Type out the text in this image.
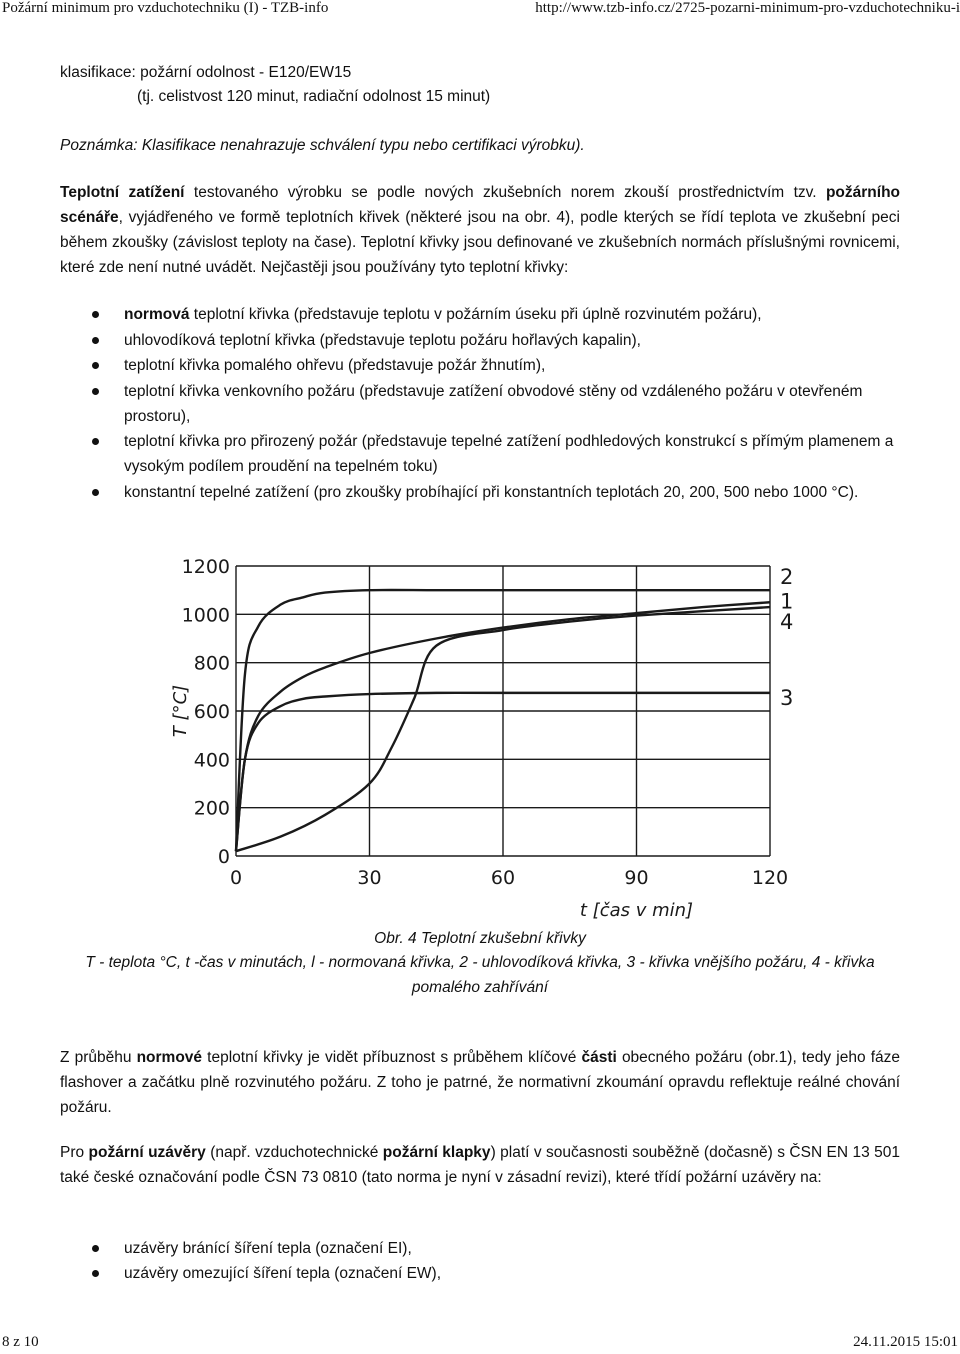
Požární minimum pro vzduchotechniku (I) - TZB-info	http://www.tzb-info.cz/2725-pozarni-minimum-pro-vzduchotechniku-i
klasifikace: požární odolnost - E120/EW15
(tj. celistvost 120 minut, radiační odolnost 15 minut)
Poznámka: Klasifikace nenahrazuje schválení typu nebo certifikaci výrobku).
Teplotní zatížení testovaného výrobku se podle nových zkušebních norem zkouší prostřednictvím tzv. požárního scénáře, vyjádřeného ve formě teplotních křivek (některé jsou na obr. 4), podle kterých se řídí teplota ve zkušební peci během zkoušky (závislost teploty na čase). Teplotní křivky jsou definované ve zkušebních normách příslušnými rovnicemi, které zde není nutné uvádět. Nejčastěji jsou používány tyto teplotní křivky:
normová teplotní křivka (představuje teplotu v požárním úseku při úplně rozvinutém požáru),
uhlovodíková teplotní křivka (představuje teplotu požáru hořlavých kapalin),
teplotní křivka pomalého ohřevu (představuje požár žhnutím),
teplotní křivka venkovního požáru (představuje zatížení obvodové stěny od vzdáleného požáru v otevřeném prostoru),
teplotní křivka pro přirozený požár (představuje tepelné zatížení podhledových konstrukcí s přímým plamenem a vysokým podílem proudění na tepelném toku)
konstantní tepelné zatížení (pro zkoušky probíhající při konstantních teplotách 20, 200, 500 nebo 1000 °C).
0
200
400
600
800
1000
1200
0	30	60	90	120
t [čas v min]
T [°C]
1
2
3
4
Obr. 4 Teplotní zkušební křivky
T - teplota °C, t -čas v minutách, l - normovaná křivka, 2 - uhlovodíková křivka, 3 - křivka vnějšího požáru, 4 - křivka pomalého zahřívání
Z průběhu normové teplotní křivky je vidět příbuznost s průběhem klíčové části obecného požáru (obr.1), tedy jeho fáze flashover a začátku plně rozvinutého požáru. Z toho je patrné, že normativní zkoumání opravdu reflektuje reálné chování požáru.
Pro požární uzávěry (např. vzduchotechnické požární klapky) platí v současnosti souběžně (dočasně) s ČSN EN 13 501 také české označování podle ČSN 73 0810 (tato norma je nyní v zásadní revizi), které třídí požární uzávěry na:
uzávěry bránící šíření tepla (označení EI),
uzávěry omezující šíření tepla (označení EW),
8 z 10	24.11.2015 15:01
